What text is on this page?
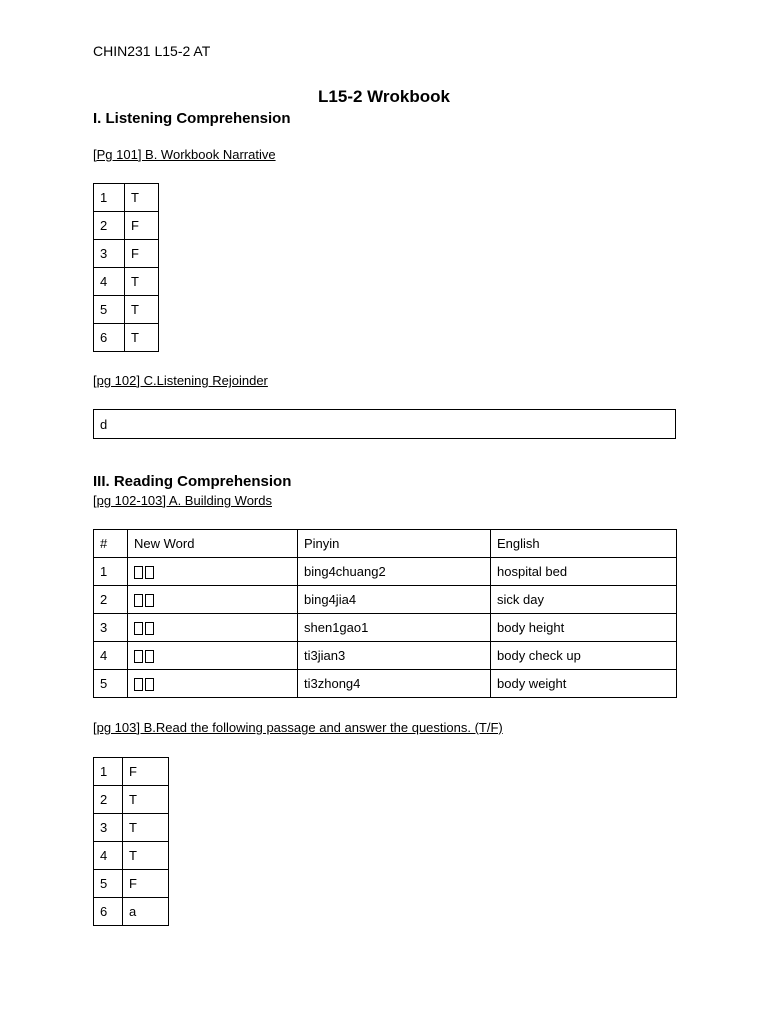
CHIN231 L15-2 AT
L15-2 Wrokbook
I. Listening Comprehension
[Pg 101] B. Workbook Narrative
1	T
2	F
3	F
4	T
5	T
6	T
[pg 102] C.Listening Rejoinder
d
III. Reading Comprehension
[pg 102-103] A. Building Words
#	New Word	Pinyin	English
1		bing4chuang2	hospital bed
2		bing4jia4	sick day
3		shen1gao1	body height
4		ti3jian3	body check up
5		ti3zhong4	body weight
[pg 103] B.Read the following passage and answer the questions. (T/F)
1	F
2	T
3	T
4	T
5	F
6	a
